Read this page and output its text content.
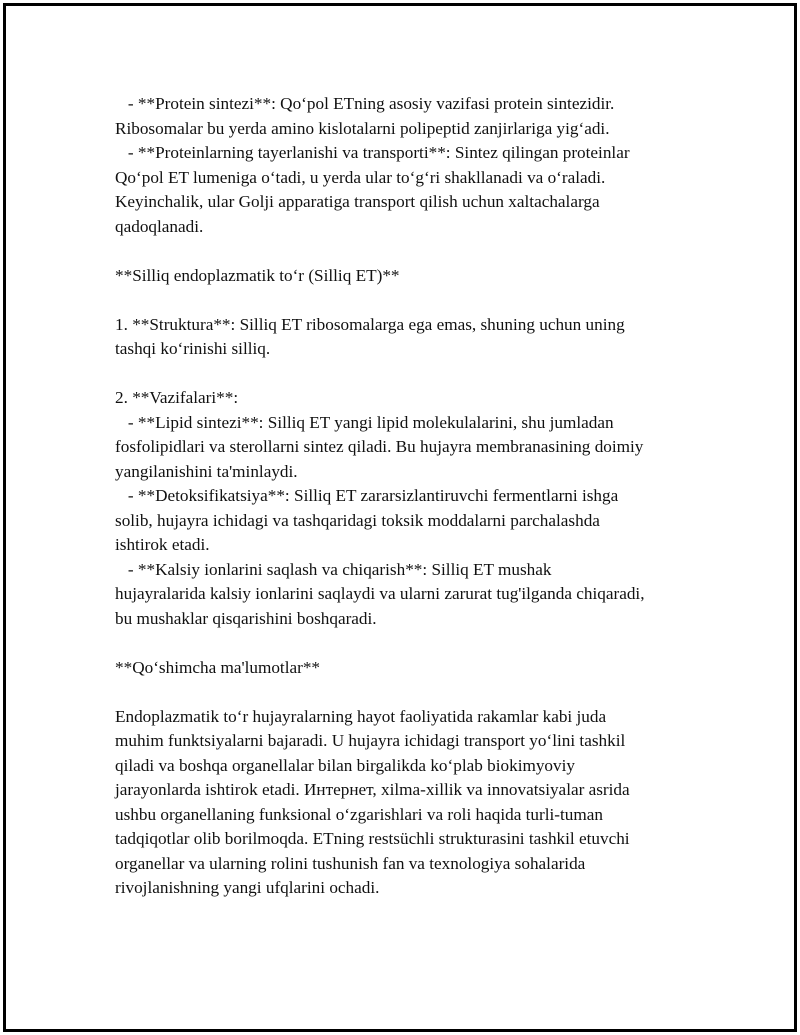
- **Protein sintezi**: Qo‘pol ETning asosiy vazifasi protein sintezidir.
Ribosomalar bu yerda amino kislotalarni polipeptid zanjirlariga yig‘adi.
- **Proteinlarning tayerlanishi va transporti**: Sintez qilingan proteinlar
Qo‘pol ET lumeniga o‘tadi, u yerda ular to‘g‘ri shakllanadi va o‘raladi.
Keyinchalik, ular Golji apparatiga transport qilish uchun xaltachalarga
qadoqlanadi.
**Silliq endoplazmatik to‘r (Silliq ET)**
1. **Struktura**: Silliq ET ribosomalarga ega emas, shuning uchun uning
tashqi ko‘rinishi silliq.
2. **Vazifalari**:
- **Lipid sintezi**: Silliq ET yangi lipid molekulalarini, shu jumladan
fosfolipidlari va sterollarni sintez qiladi. Bu hujayra membranasining doimiy
yangilanishini ta'minlaydi.
- **Detoksifikatsiya**: Silliq ET zararsizlantiruvchi fermentlarni ishga
solib, hujayra ichidagi va tashqaridagi toksik moddalarni parchalashda
ishtirok etadi.
- **Kalsiy ionlarini saqlash va chiqarish**: Silliq ET mushak
hujayralarida kalsiy ionlarini saqlaydi va ularni zarurat tug'ilganda chiqaradi,
bu mushaklar qisqarishini boshqaradi.
**Qo‘shimcha ma'lumotlar**
Endoplazmatik to‘r hujayralarning hayot faoliyatida rakamlar kabi juda
muhim funktsiyalarni bajaradi. U hujayra ichidagi transport yo‘lini tashkil
qiladi va boshqa organellalar bilan birgalikda ko‘plab biokimyoviy
jarayonlarda ishtirok etadi. Интернет, xilma-xillik va innovatsiyalar asrida
ushbu organellaning funksional o‘zgarishlari va roli haqida turli-tuman
tadqiqotlar olib borilmoqda. ETning restsüchli strukturasini tashkil etuvchi
organellar va ularning rolini tushunish fan va texnologiya sohalarida
rivojlanishning yangi ufqlarini ochadi.
